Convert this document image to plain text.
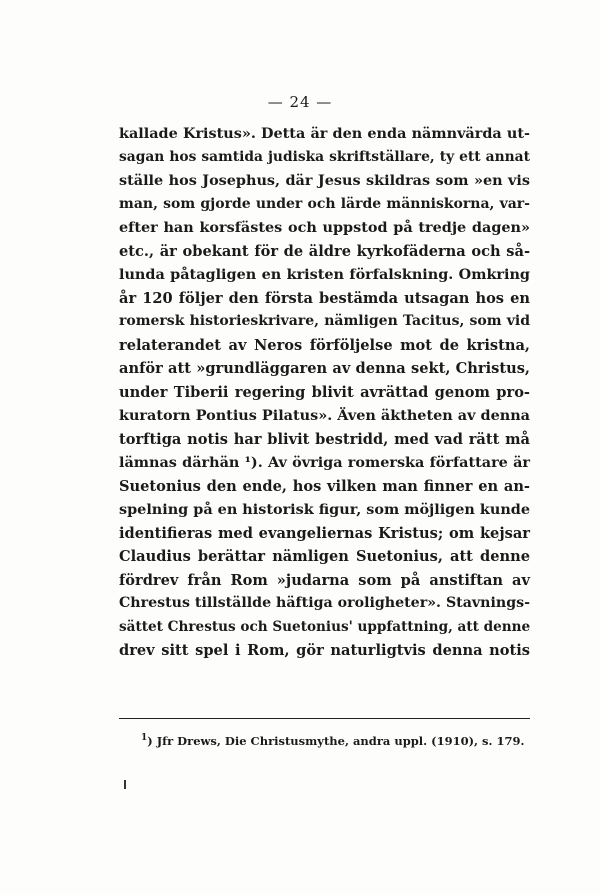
— 24 —
kallade Kristus». Detta är den enda nämnvärda ut-
sagan hos samtida judiska skriftställare, ty ett annat
ställe hos Josephus, där Jesus skildras som »en vis
man, som gjorde under och lärde människorna, var-
efter han korsfästes och uppstod på tredje dagen»
etc., är obekant för de äldre kyrkofäderna och så-
lunda påtagligen en kristen förfalskning. Omkring
år 120 följer den första bestämda utsagan hos en
romersk historieskrivare, nämligen Tacitus, som vid
relaterandet av Neros förföljelse mot de kristna,
anför att »grundläggaren av denna sekt, Christus,
under Tiberii regering blivit avrättad genom pro-
kuratorn Pontius Pilatus». Även äktheten av denna
torftiga notis har blivit bestridd, med vad rätt må
lämnas därhän ¹). Av övriga romerska författare är
Suetonius den ende, hos vilken man finner en an-
spelning på en historisk figur, som möjligen kunde
identifieras med evangeliernas Kristus; om kejsar
Claudius berättar nämligen Suetonius, att denne
fördrev från Rom »judarna som på anstiftan av
Chrestus tillställde häftiga oroligheter». Stavnings-
sättet Chrestus och Suetonius' uppfattning, att denne
drev sitt spel i Rom, gör naturligtvis denna notis
$^1$) Jfr Drews, Die Christusmythe, andra uppl. (1910), s. 179.
